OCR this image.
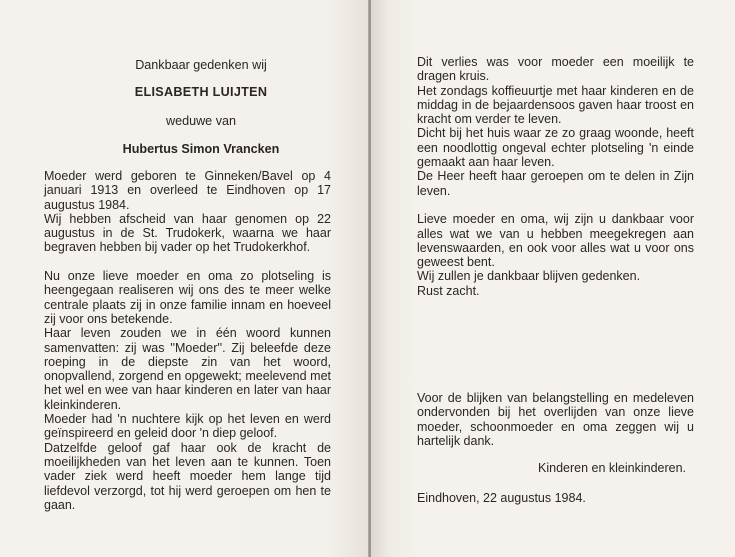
Dankbaar gedenken wij
ELISABETH LUIJTEN
weduwe van
Hubertus Simon Vrancken

Moeder werd geboren te Ginneken/Bavel op 4 januari 1913 en overleed te Eindhoven op 17 augustus 1984.

Wij hebben afscheid van haar genomen op 22 augustus in de St. Trudokerk, waarna we haar begraven hebben bij vader op het Trudokerkhof.

Nu onze lieve moeder en oma zo plotseling is heengegaan realiseren wij ons des te meer welke centrale plaats zij in onze familie innam en hoeveel zij voor ons betekende.

Haar leven zouden we in één woord kunnen samenvatten: zij was ''Moeder''. Zij beleefde deze roeping in de diepste zin van het woord, onopvallend, zorgend en opgewekt; meelevend met het wel en wee van haar kinderen en later van haar kleinkinderen.

Moeder had 'n nuchtere kijk op het leven en werd geïnspireerd en geleid door 'n diep geloof.

Datzelfde geloof gaf haar ook de kracht de moeilijkheden van het leven aan te kunnen. Toen vader ziek werd heeft moeder hem lange tijd liefdevol verzorgd, tot hij werd geroepen om hen te gaan.

Dit verlies was voor moeder een moeilijk te dragen kruis.

Het zondags koffieuurtje met haar kinderen en de middag in de bejaardensoos gaven haar troost en kracht om verder te leven.

Dicht bij het huis waar ze zo graag woonde, heeft een noodlottig ongeval echter plotseling 'n einde gemaakt aan haar leven.

De Heer heeft haar geroepen om te delen in Zijn leven.

Lieve moeder en oma, wij zijn u dankbaar voor alles wat we van u hebben meegekregen aan levenswaarden, en ook voor alles wat u voor ons geweest bent.

Wij zullen je dankbaar blijven gedenken.

Rust zacht.

Voor de blijken van belangstelling en medeleven ondervonden bij het overlijden van onze lieve moeder, schoonmoeder en oma zeggen wij u hartelijk dank.

Kinderen en kleinkinderen.
Eindhoven, 22 augustus 1984.
